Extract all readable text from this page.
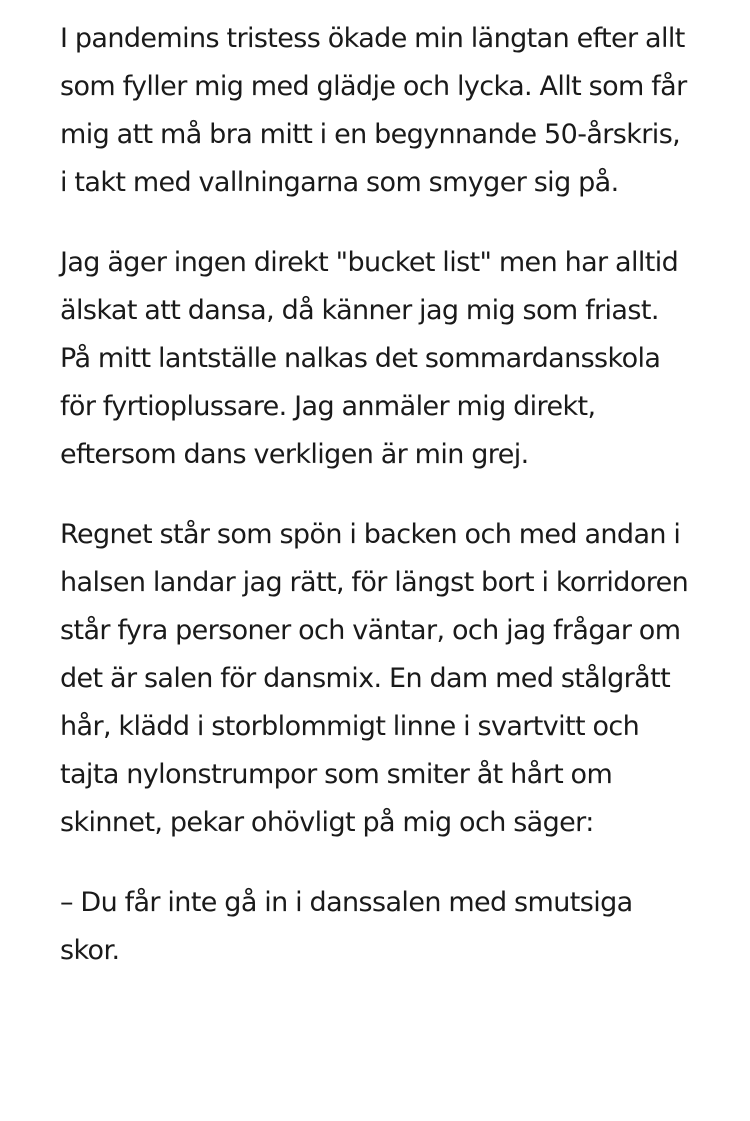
I pandemins tristess ökade min längtan efter allt som fyller mig med glädje och lycka. Allt som får mig att må bra mitt i en begynnande 50-årskris, i takt med vallningarna som smyger sig på.

Jag äger ingen direkt "bucket list" men har alltid älskat att dansa, då känner jag mig som friast. På mitt lantställe nalkas det sommardansskola för fyrtioplussare. Jag anmäler mig direkt, eftersom dans verkligen är min grej.

Regnet står som spön i backen och med andan i halsen landar jag rätt, för längst bort i korridoren står fyra personer och väntar, och jag frågar om det är salen för dansmix. En dam med stålgrått hår, klädd i storblommigt linne i svartvitt och tajta nylonstrumpor som smiter åt hårt om skinnet, pekar ohövligt på mig och säger:

– Du får inte gå in i danssalen med smutsiga skor.
